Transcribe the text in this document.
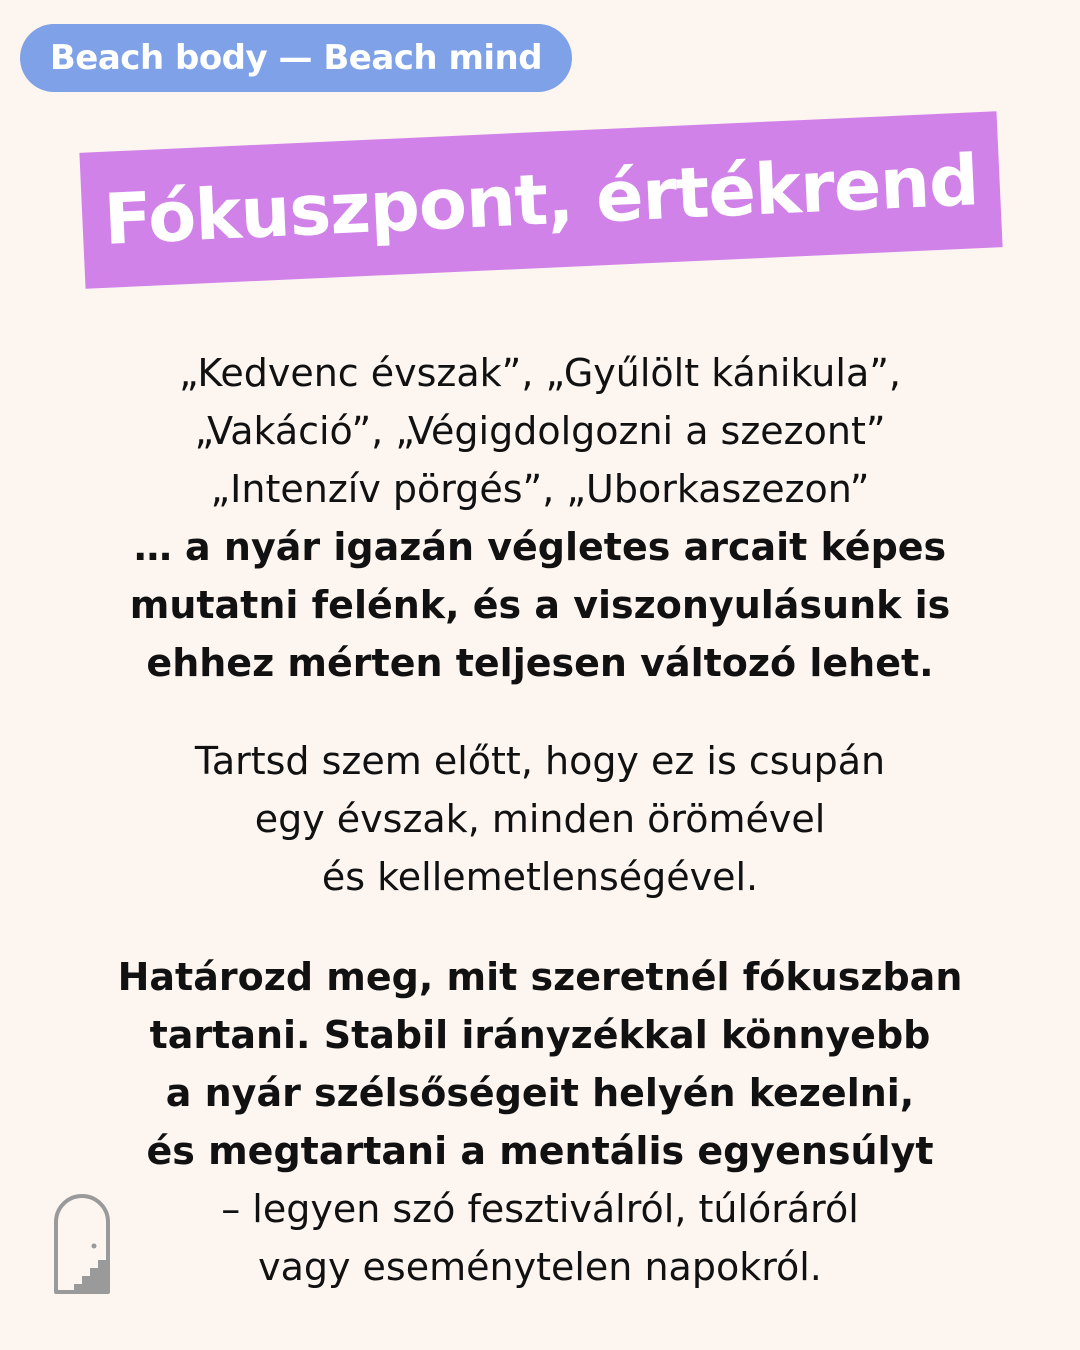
Beach body — Beach mind
Fókuszpont, értékrend
„Kedvenc évszak”, „Gyűlölt kánikula”,
„Vakáció”, „Végigdolgozni a szezont”
„Intenzív pörgés”, „Uborkaszezon”
… a nyár igazán végletes arcait képes
mutatni felénk, és a viszonyulásunk is
ehhez mérten teljesen változó lehet.
Tartsd szem előtt, hogy ez is csupán
egy évszak, minden örömével
és kellemetlenségével.
Határozd meg, mit szeretnél fókuszban
tartani. Stabil irányzékkal könnyebb
a nyár szélsőségeit helyén kezelni,
és megtartani a mentális egyensúlyt
– legyen szó fesztiválról, túlóráról
vagy eseménytelen napokról.
